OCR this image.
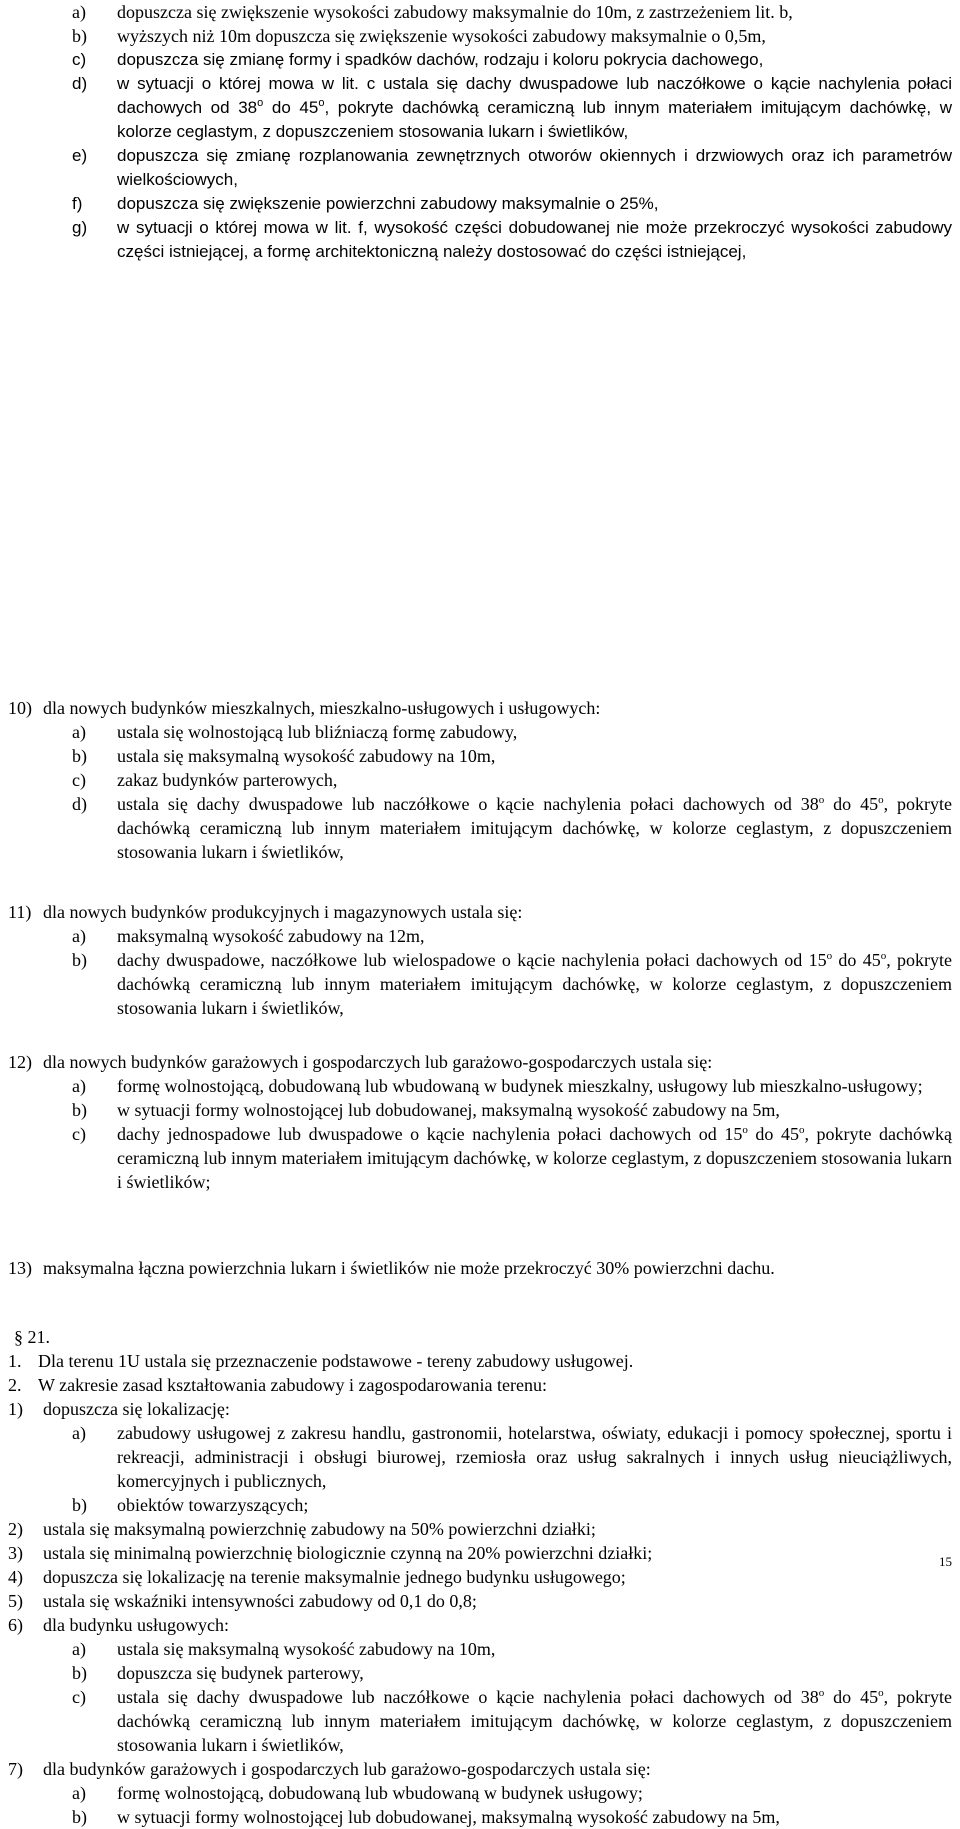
a)	dopuszcza się zwiększenie wysokości zabudowy maksymalnie do 10m, z zastrzeżeniem lit. b,
b)	wyższych niż 10m dopuszcza się zwiększenie wysokości zabudowy maksymalnie o 0,5m,
c)	dopuszcza się zmianę formy i spadków dachów, rodzaju i koloru pokrycia dachowego,
d)	w sytuacji o której mowa w lit. c ustala się dachy dwuspadowe lub naczółkowe o kącie nachylenia połaci dachowych od 38$^o$ do 45$^o$, pokryte dachówką ceramiczną lub innym materiałem imitującym dachówkę, w kolorze ceglastym, z dopuszczeniem stosowania lukarn i świetlików,
e)	dopuszcza się zmianę rozplanowania zewnętrznych otworów okiennych i drzwiowych oraz ich parametrów wielkościowych,
f)	dopuszcza się zwiększenie powierzchni zabudowy maksymalnie o 25%,
g)	w sytuacji o której mowa w lit. f, wysokość części dobudowanej nie może przekroczyć wysokości zabudowy części istniejącej, a formę architektoniczną należy dostosować do części istniejącej,
10) dla nowych budynków mieszkalnych, mieszkalno-usługowych i usługowych:
a)	ustala się wolnostojącą lub bliźniaczą formę zabudowy,
b)	ustala się maksymalną wysokość zabudowy na 10m,
c)	zakaz budynków parterowych,
d)	ustala się dachy dwuspadowe lub naczółkowe o kącie nachylenia połaci dachowych od 38$^o$ do 45$^o$, pokryte dachówką ceramiczną lub innym materiałem imitującym dachówkę, w kolorze ceglastym, z dopuszczeniem stosowania lukarn i świetlików,
11) dla nowych budynków produkcyjnych i magazynowych ustala się:
a)	maksymalną wysokość zabudowy na 12m,
b)	dachy dwuspadowe, naczółkowe lub wielospadowe o kącie nachylenia połaci dachowych od 15$^o$ do 45$^o$, pokryte dachówką ceramiczną lub innym materiałem imitującym dachówkę, w kolorze ceglastym, z dopuszczeniem stosowania lukarn i świetlików,
12) dla nowych budynków garażowych i gospodarczych lub garażowo-gospodarczych ustala się:
a)	formę wolnostojącą, dobudowaną lub wbudowaną w budynek mieszkalny, usługowy lub mieszkalno-usługowy;
b)	w sytuacji formy wolnostojącej lub dobudowanej, maksymalną wysokość zabudowy na 5m,
c)	dachy jednospadowe lub dwuspadowe o kącie nachylenia połaci dachowych od 15$^o$ do 45$^o$, pokryte dachówką ceramiczną lub innym materiałem imitującym dachówkę, w kolorze ceglastym, z dopuszczeniem stosowania lukarn i świetlików;
13) maksymalna łączna powierzchnia lukarn i świetlików nie może przekroczyć 30% powierzchni dachu.
§ 21.
1. Dla terenu 1U ustala się przeznaczenie podstawowe - tereny zabudowy usługowej.
2. W zakresie zasad kształtowania zabudowy i zagospodarowania terenu:
1)	dopuszcza się lokalizację:
a)	zabudowy usługowej z zakresu handlu, gastronomii, hotelarstwa, oświaty, edukacji i pomocy społecznej, sportu i rekreacji, administracji i obsługi biurowej, rzemiosła oraz usług sakralnych i innych usług nieuciążliwych, komercyjnych i publicznych,
b)	obiektów towarzyszących;
2)	ustala się maksymalną powierzchnię zabudowy na 50% powierzchni działki;
3)	ustala się minimalną powierzchnię biologicznie czynną na 20% powierzchni działki;
4)	dopuszcza się lokalizację na terenie maksymalnie jednego budynku usługowego;
5)	ustala się wskaźniki intensywności zabudowy od 0,1 do 0,8;
6)	dla budynku usługowych:
a)	ustala się maksymalną wysokość zabudowy na 10m,
b)	dopuszcza się budynek parterowy,
c)	ustala się dachy dwuspadowe lub naczółkowe o kącie nachylenia połaci dachowych od 38$^o$ do 45$^o$, pokryte dachówką ceramiczną lub innym materiałem imitującym dachówkę, w kolorze ceglastym, z dopuszczeniem stosowania lukarn i świetlików,
7)	dla budynków garażowych i gospodarczych lub garażowo-gospodarczych ustala się:
a)	formę wolnostojącą, dobudowaną lub wbudowaną w budynek usługowy;
b)	w sytuacji formy wolnostojącej lub dobudowanej, maksymalną wysokość zabudowy na 5m,
15
